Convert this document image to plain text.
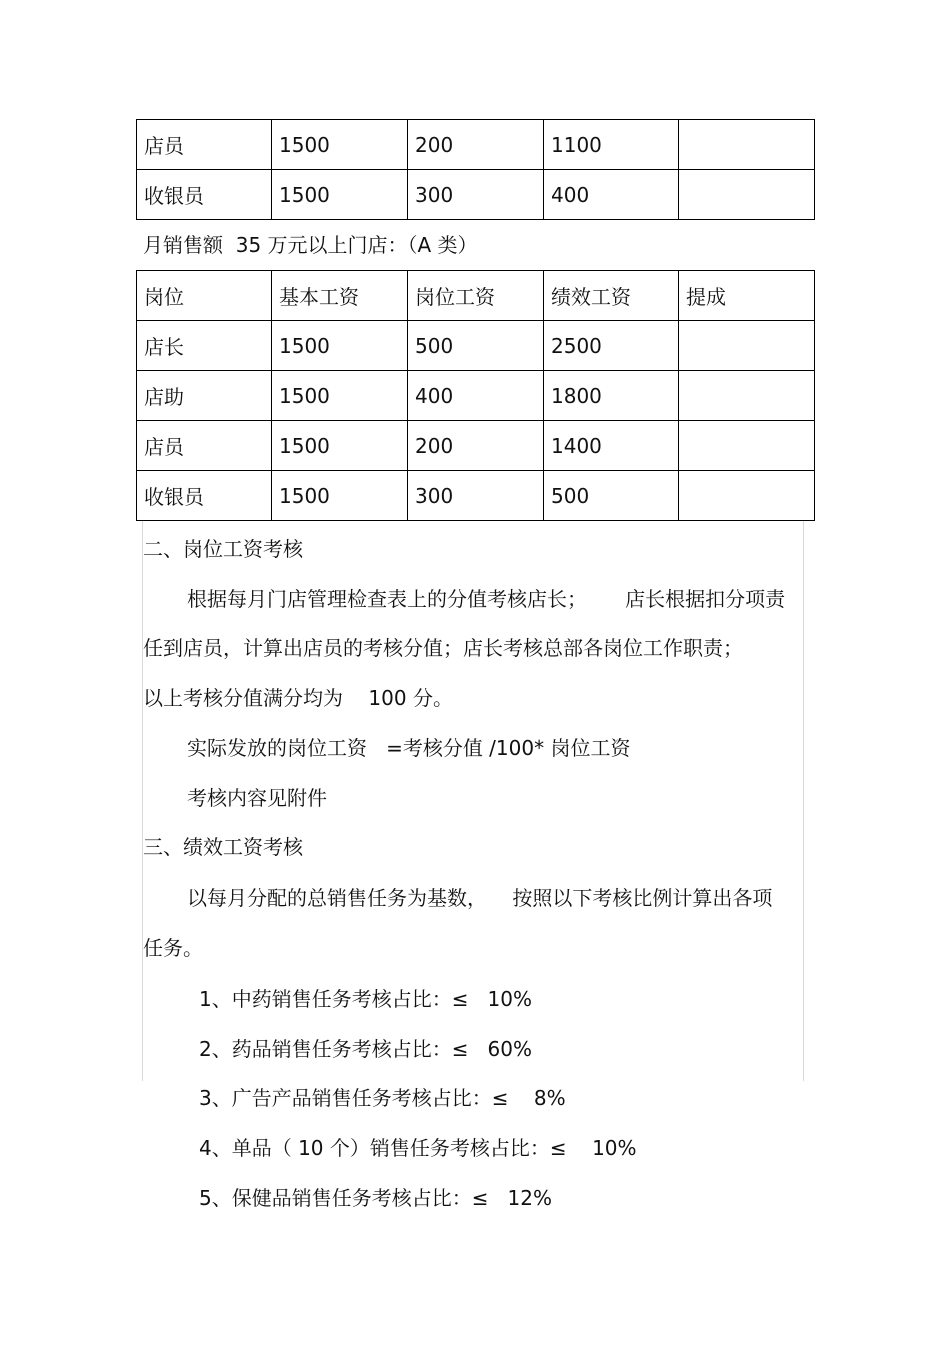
店员	1500	200	1100	
收银员	1500	300	400	
月销售额  35 万元以上门店：（A 类）
岗位	基本工资	岗位工资	绩效工资	提成
店长	1500	500	2500	
店助	1500	400	1800	
店员	1500	200	1400	
收银员	1500	300	500	
二、岗位工资考核
根据每月门店管理检查表上的分值考核店长；      店长根据扣分项责
任到店员，计算出店员的考核分值；店长考核总部各岗位工作职责；
以上考核分值满分均为    100 分。
实际发放的岗位工资   =考核分值 /100* 岗位工资
考核内容见附件
三、绩效工资考核
以每月分配的总销售任务为基数，    按照以下考核比例计算出各项
任务。
1、中药销售任务考核占比：≤   10%
2、药品销售任务考核占比：≤   60%
3、广告产品销售任务考核占比：≤    8%
4、单品（ 10 个）销售任务考核占比：≤    10%
5、保健品销售任务考核占比：≤   12%
